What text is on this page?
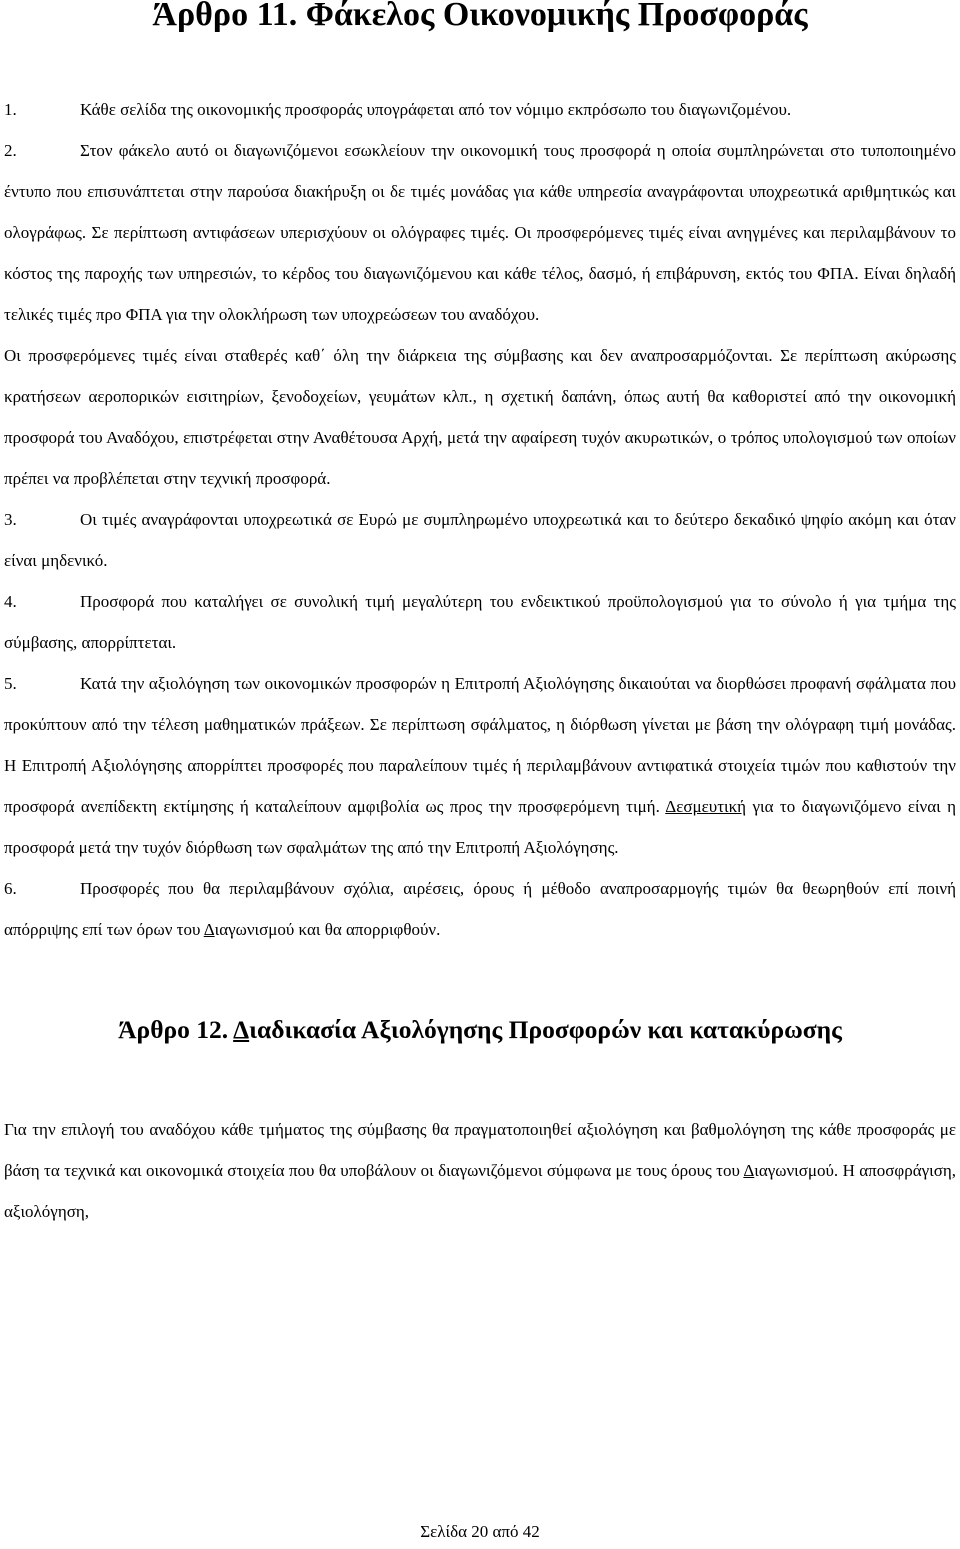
Άρθρο 11. Φάκελος Οικονομικής Προσφοράς

1.	Κάθε σελίδα της οικονομικής προσφοράς υπογράφεται από τον νόμιμο εκπρόσωπο του διαγωνιζομένου.

2.	Στον φάκελο αυτό οι διαγωνιζόμενοι εσωκλείουν την οικονομική τους προσφορά η οποία συμπληρώνεται στο τυποποιημένο έντυπο που επισυνάπτεται στην παρούσα διακήρυξη οι δε τιμές μονάδας για κάθε υπηρεσία αναγράφονται υποχρεωτικά αριθμητικώς και ολογράφως. Σε περίπτωση αντιφάσεων υπερισχύουν οι ολόγραφες τιμές. Οι προσφερόμενες τιμές είναι ανηγμένες και περιλαμβάνουν το κόστος της παροχής των υπηρεσιών, το κέρδος του διαγωνιζόμενου και κάθε τέλος, δασμό, ή επιβάρυνση, εκτός του ΦΠΑ. Είναι δηλαδή τελικές τιμές προ ΦΠΑ για την ολοκλήρωση των υποχρεώσεων του αναδόχου.

Οι προσφερόμενες τιμές είναι σταθερές καθ΄ όλη την διάρκεια της σύμβασης και δεν αναπροσαρμόζονται. Σε περίπτωση ακύρωσης κρατήσεων αεροπορικών εισιτηρίων, ξενοδοχείων, γευμάτων κλπ., η σχετική δαπάνη, όπως αυτή θα καθοριστεί από την οικονομική προσφορά του Αναδόχου, επιστρέφεται στην Αναθέτουσα Αρχή, μετά την αφαίρεση τυχόν ακυρωτικών, ο τρόπος υπολογισμού των οποίων πρέπει να προβλέπεται στην τεχνική προσφορά.

3.	Οι τιμές αναγράφονται υποχρεωτικά σε Ευρώ με συμπληρωμένο υποχρεωτικά και το δεύτερο δεκαδικό ψηφίο ακόμη και όταν είναι μηδενικό.

4.	Προσφορά που καταλήγει σε συνολική τιμή μεγαλύτερη του ενδεικτικού προϋπολογισμού για το σύνολο ή για τμήμα της σύμβασης, απορρίπτεται.

5.	Κατά την αξιολόγηση των οικονομικών προσφορών η Επιτροπή Αξιολόγησης δικαιούται να διορθώσει προφανή σφάλματα που προκύπτουν από την τέλεση μαθηματικών πράξεων. Σε περίπτωση σφάλματος, η διόρθωση γίνεται με βάση την ολόγραφη τιμή μονάδας. Η Επιτροπή Αξιολόγησης απορρίπτει προσφορές που παραλείπουν τιμές ή περιλαμβάνουν αντιφατικά στοιχεία τιμών που καθιστούν την προσφορά ανεπίδεκτη εκτίμησης ή καταλείπουν αμφιβολία ως προς την προσφερόμενη τιμή. Δεσμευτική για το διαγωνιζόμενο είναι η προσφορά μετά την τυχόν διόρθωση των σφαλμάτων της από την Επιτροπή Αξιολόγησης.

6.	Προσφορές που θα περιλαμβάνουν σχόλια, αιρέσεις, όρους ή μέθοδο αναπροσαρμογής τιμών θα θεωρηθούν επί ποινή απόρριψης επί των όρων του Διαγωνισμού και θα απορριφθούν.

Άρθρο 12. Διαδικασία Αξιολόγησης Προσφορών και κατακύρωσης

Για την επιλογή του αναδόχου κάθε τμήματος της σύμβασης θα πραγματοποιηθεί αξιολόγηση και βαθμολόγηση της κάθε προσφοράς με βάση τα τεχνικά και οικονομικά στοιχεία που θα υποβάλουν οι διαγωνιζόμενοι σύμφωνα με τους όρους του Διαγωνισμού. Η αποσφράγιση, αξιολόγηση,

Σελίδα 20 από 42
